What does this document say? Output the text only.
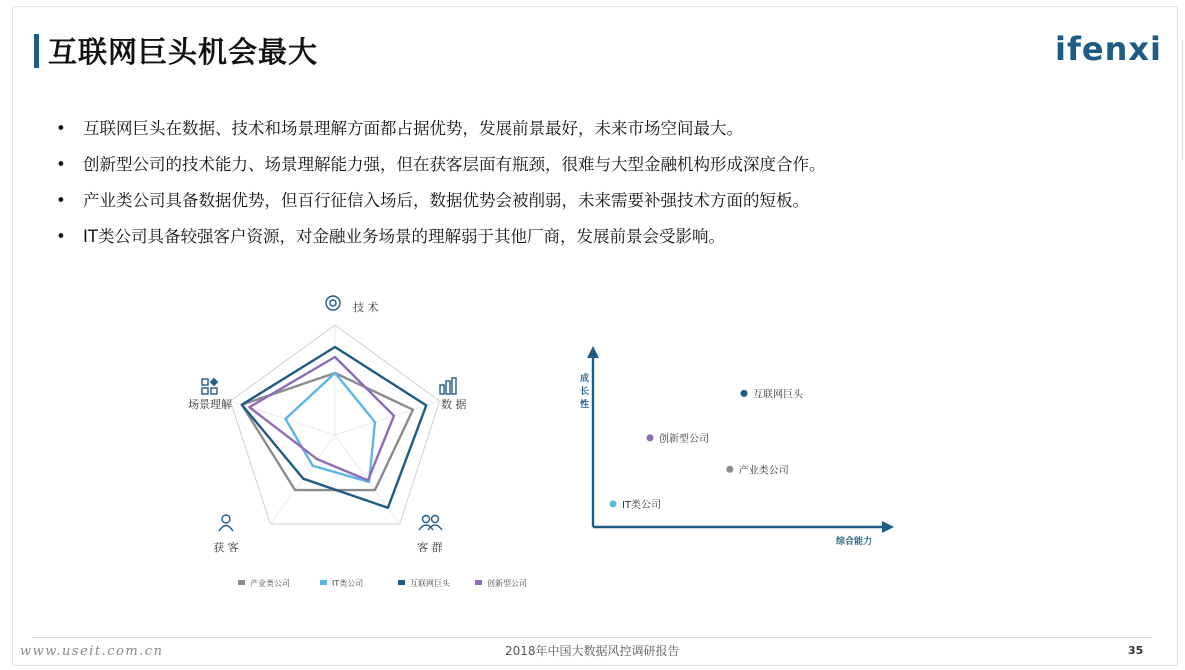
互联网巨头机会最大	ifenxi
• 互联网巨头在数据、技术和场景理解方面都占据优势，发展前景最好，未来市场空间最大。
• 创新型公司的技术能力、场景理解能力强，但在获客层面有瓶颈，很难与大型金融机构形成深度合作。
• 产业类公司具备数据优势，但百行征信入场后，数据优势会被削弱，未来需要补强技术方面的短板。
• IT类公司具备较强客户资源，对金融业务场景的理解弱于其他厂商，发展前景会受影响。
技 术
数 据
客 群
获 客
场景理解
产业类公司	IT类公司	互联网巨头	创新型公司
成长性
综合能力
互联网巨头
创新型公司
产业类公司
IT类公司
www.useit.com.cn	2018年中国大数据风控调研报告	35
